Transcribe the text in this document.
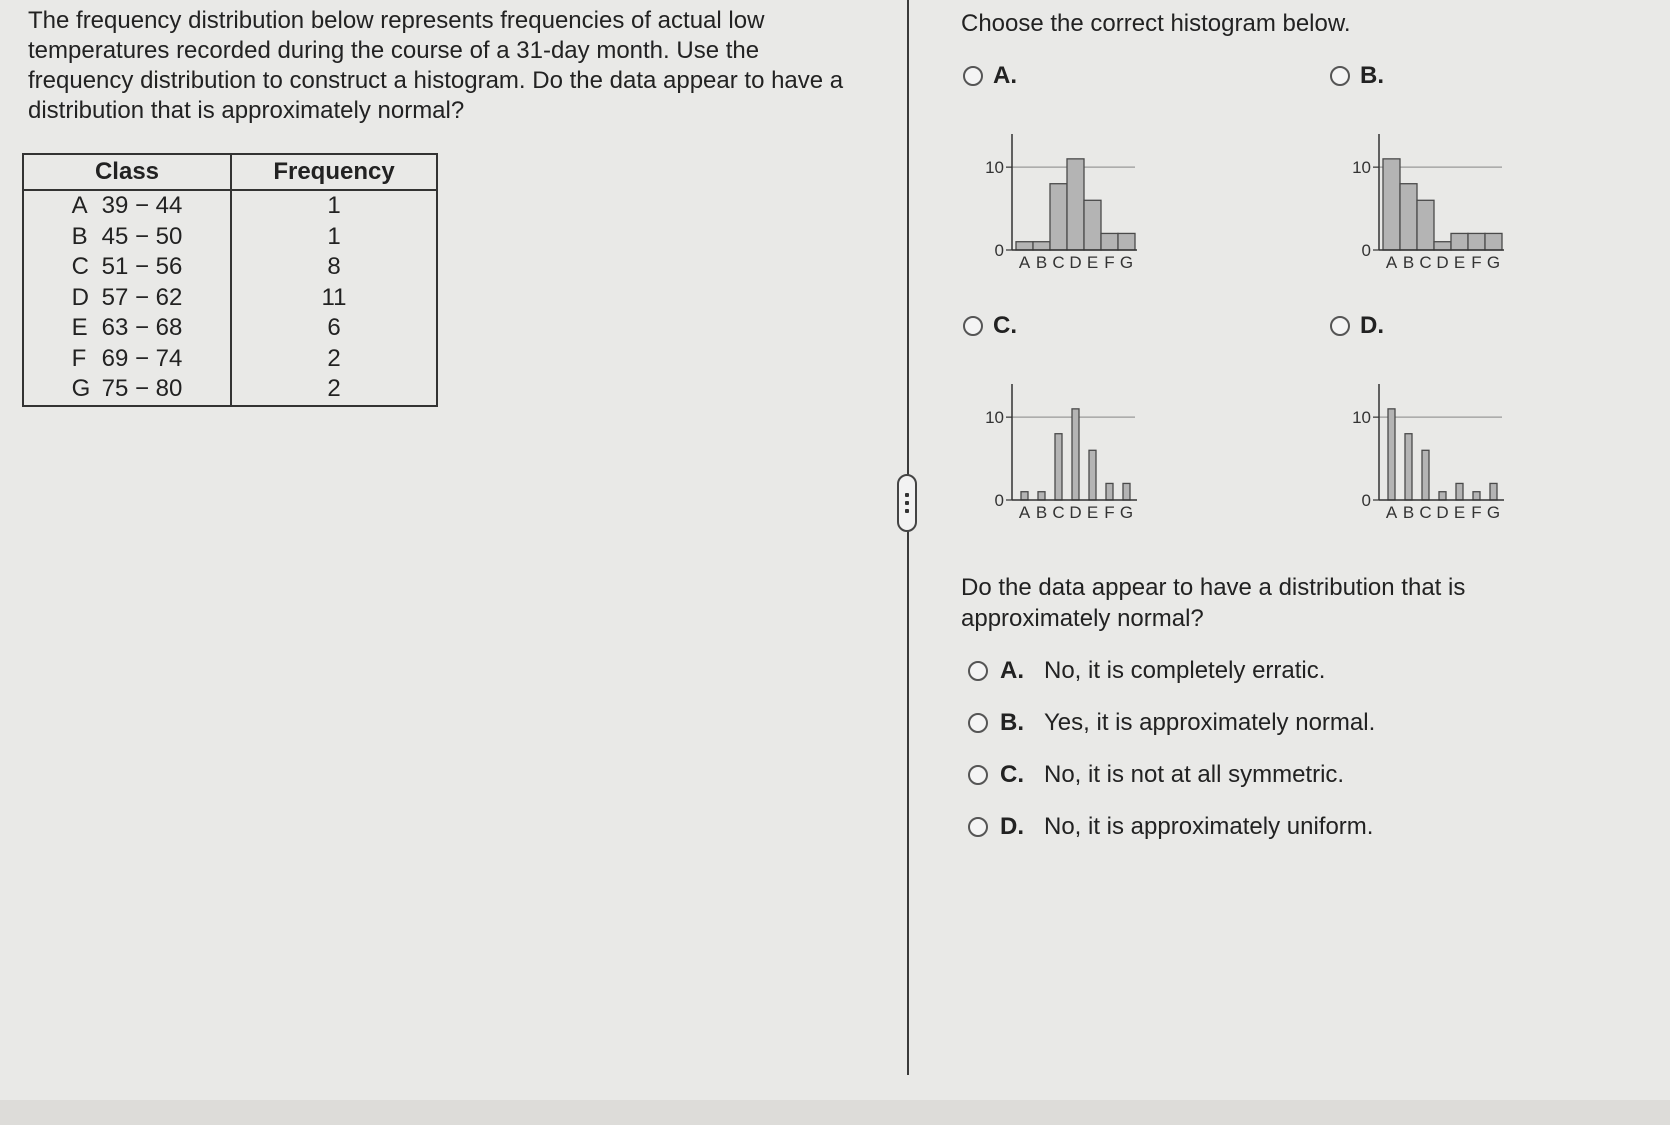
The frequency distribution below represents frequencies of actual low temperatures recorded during the course of a 31-day month. Use the frequency distribution to construct a histogram. Do the data appear to have a distribution that is approximately normal?

Class	Frequency
A 39 − 44	1
B 45 − 50	1
C 51 − 56	8
D 57 − 62	11
E 63 − 68	6
F 69 − 74	2
G 75 − 80	2

Choose the correct histogram below.

A.
10
0
A B C D E F G
B.
10
0
A B C D E F G
C.
10
0
A B C D E F G
D.
10
0
A B C D E F G

Do the data appear to have a distribution that is approximately normal?

A. No, it is completely erratic.
B. Yes, it is approximately normal.
C. No, it is not at all symmetric.
D. No, it is approximately uniform.
